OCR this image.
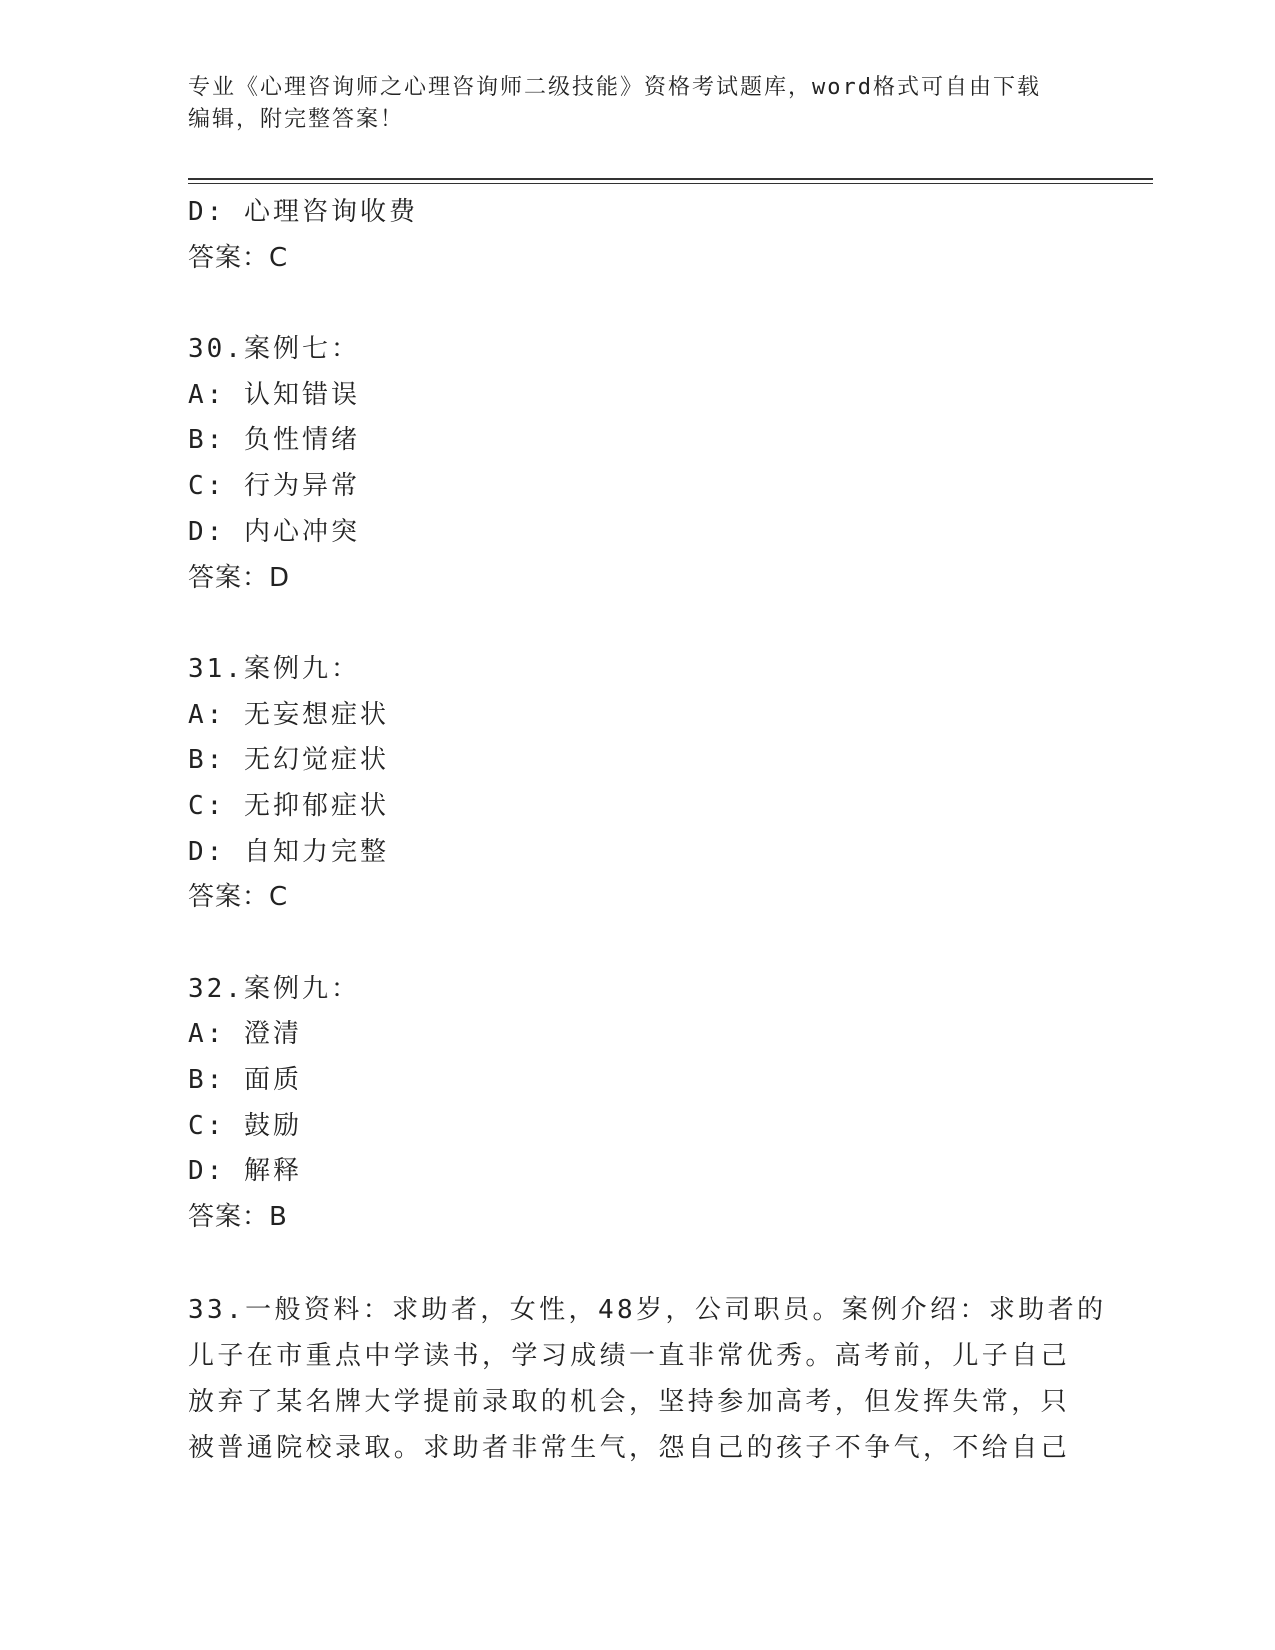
专业《心理咨询师之心理咨询师二级技能》资格考试题库，word格式可自由下载
编辑，附完整答案！
D: 心理咨询收费
答案：C
30.案例七：
A: 认知错误
B: 负性情绪
C: 行为异常
D: 内心冲突
答案：D
31.案例九：
A: 无妄想症状
B: 无幻觉症状
C: 无抑郁症状
D: 自知力完整
答案：C
32.案例九：
A: 澄清
B: 面质
C: 鼓励
D: 解释
答案：B
33.一般资料：求助者，女性，48岁，公司职员。案例介绍：求助者的
儿子在市重点中学读书，学习成绩一直非常优秀。高考前，儿子自己
放弃了某名牌大学提前录取的机会，坚持参加高考，但发挥失常，只
被普通院校录取。求助者非常生气，怨自己的孩子不争气，不给自己
